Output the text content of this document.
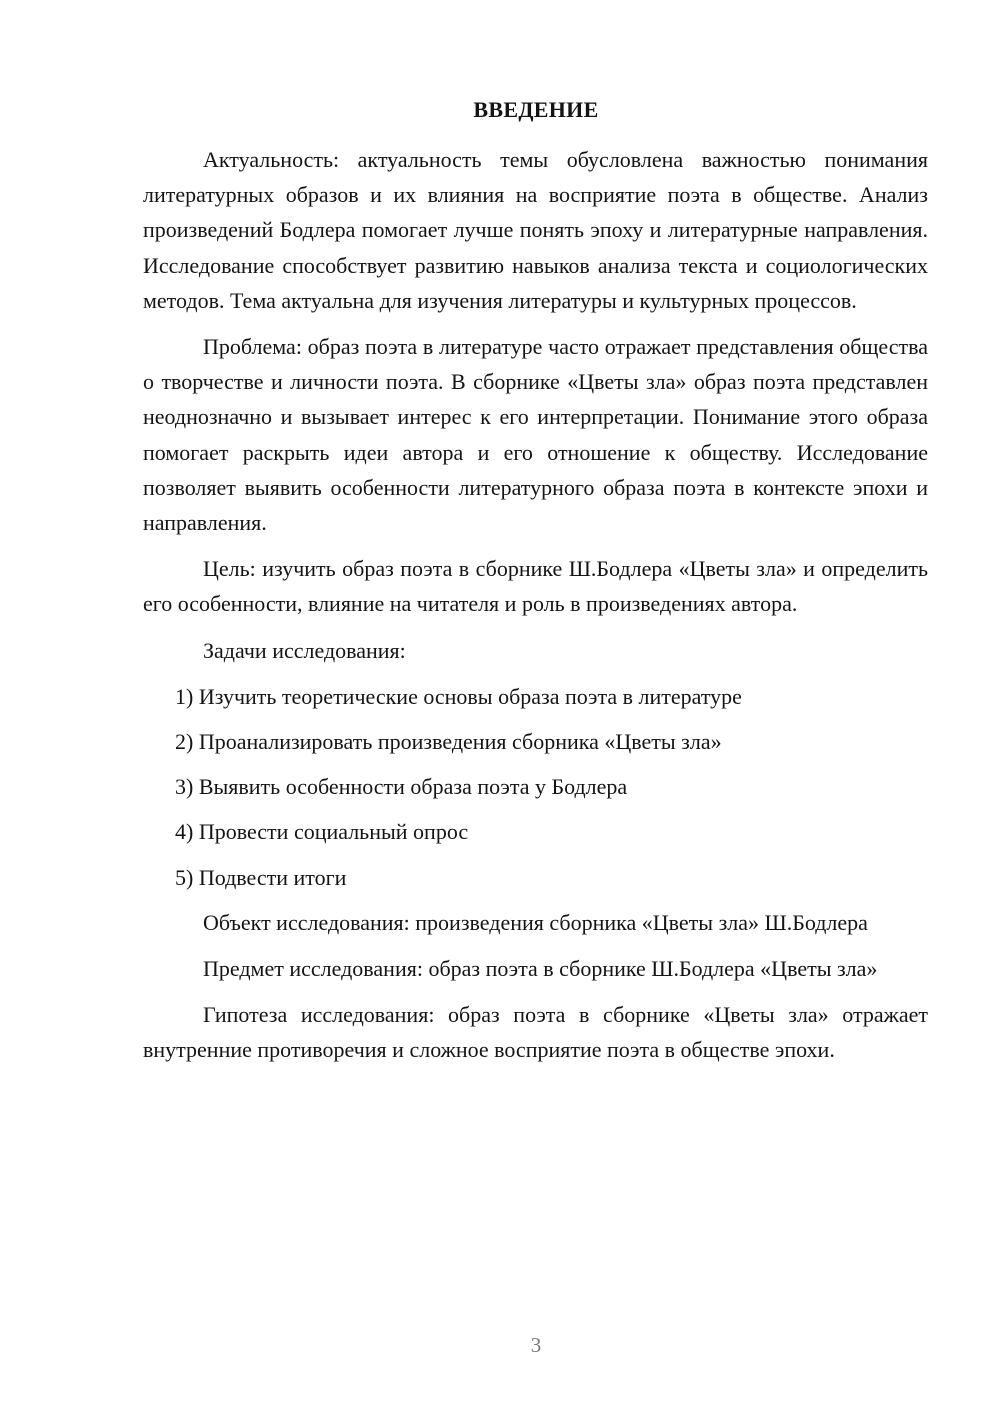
ВВЕДЕНИЕ

Актуальность: актуальность темы обусловлена важностью понимания литературных образов и их влияния на восприятие поэта в обществе. Анализ произведений Бодлера помогает лучше понять эпоху и литературные направления. Исследование способствует развитию навыков анализа текста и социологических методов. Тема актуальна для изучения литературы и культурных процессов.

Проблема: образ поэта в литературе часто отражает представления общества о творчестве и личности поэта. В сборнике «Цветы зла» образ поэта представлен неоднозначно и вызывает интерес к его интерпретации. Понимание этого образа помогает раскрыть идеи автора и его отношение к обществу. Исследование позволяет выявить особенности литературного образа поэта в контексте эпохи и направления.

Цель: изучить образ поэта в сборнике Ш.Бодлера «Цветы зла» и определить его особенности, влияние на читателя и роль в произведениях автора.

Задачи исследования:

1) Изучить теоретические основы образа поэта в литературе
2) Проанализировать произведения сборника «Цветы зла»
3) Выявить особенности образа поэта у Бодлера
4) Провести социальный опрос
5) Подвести итоги

Объект исследования: произведения сборника «Цветы зла» Ш.Бодлера

Предмет исследования: образ поэта в сборнике Ш.Бодлера «Цветы зла»

Гипотеза исследования: образ поэта в сборнике «Цветы зла» отражает внутренние противоречия и сложное восприятие поэта в обществе эпохи.

3
